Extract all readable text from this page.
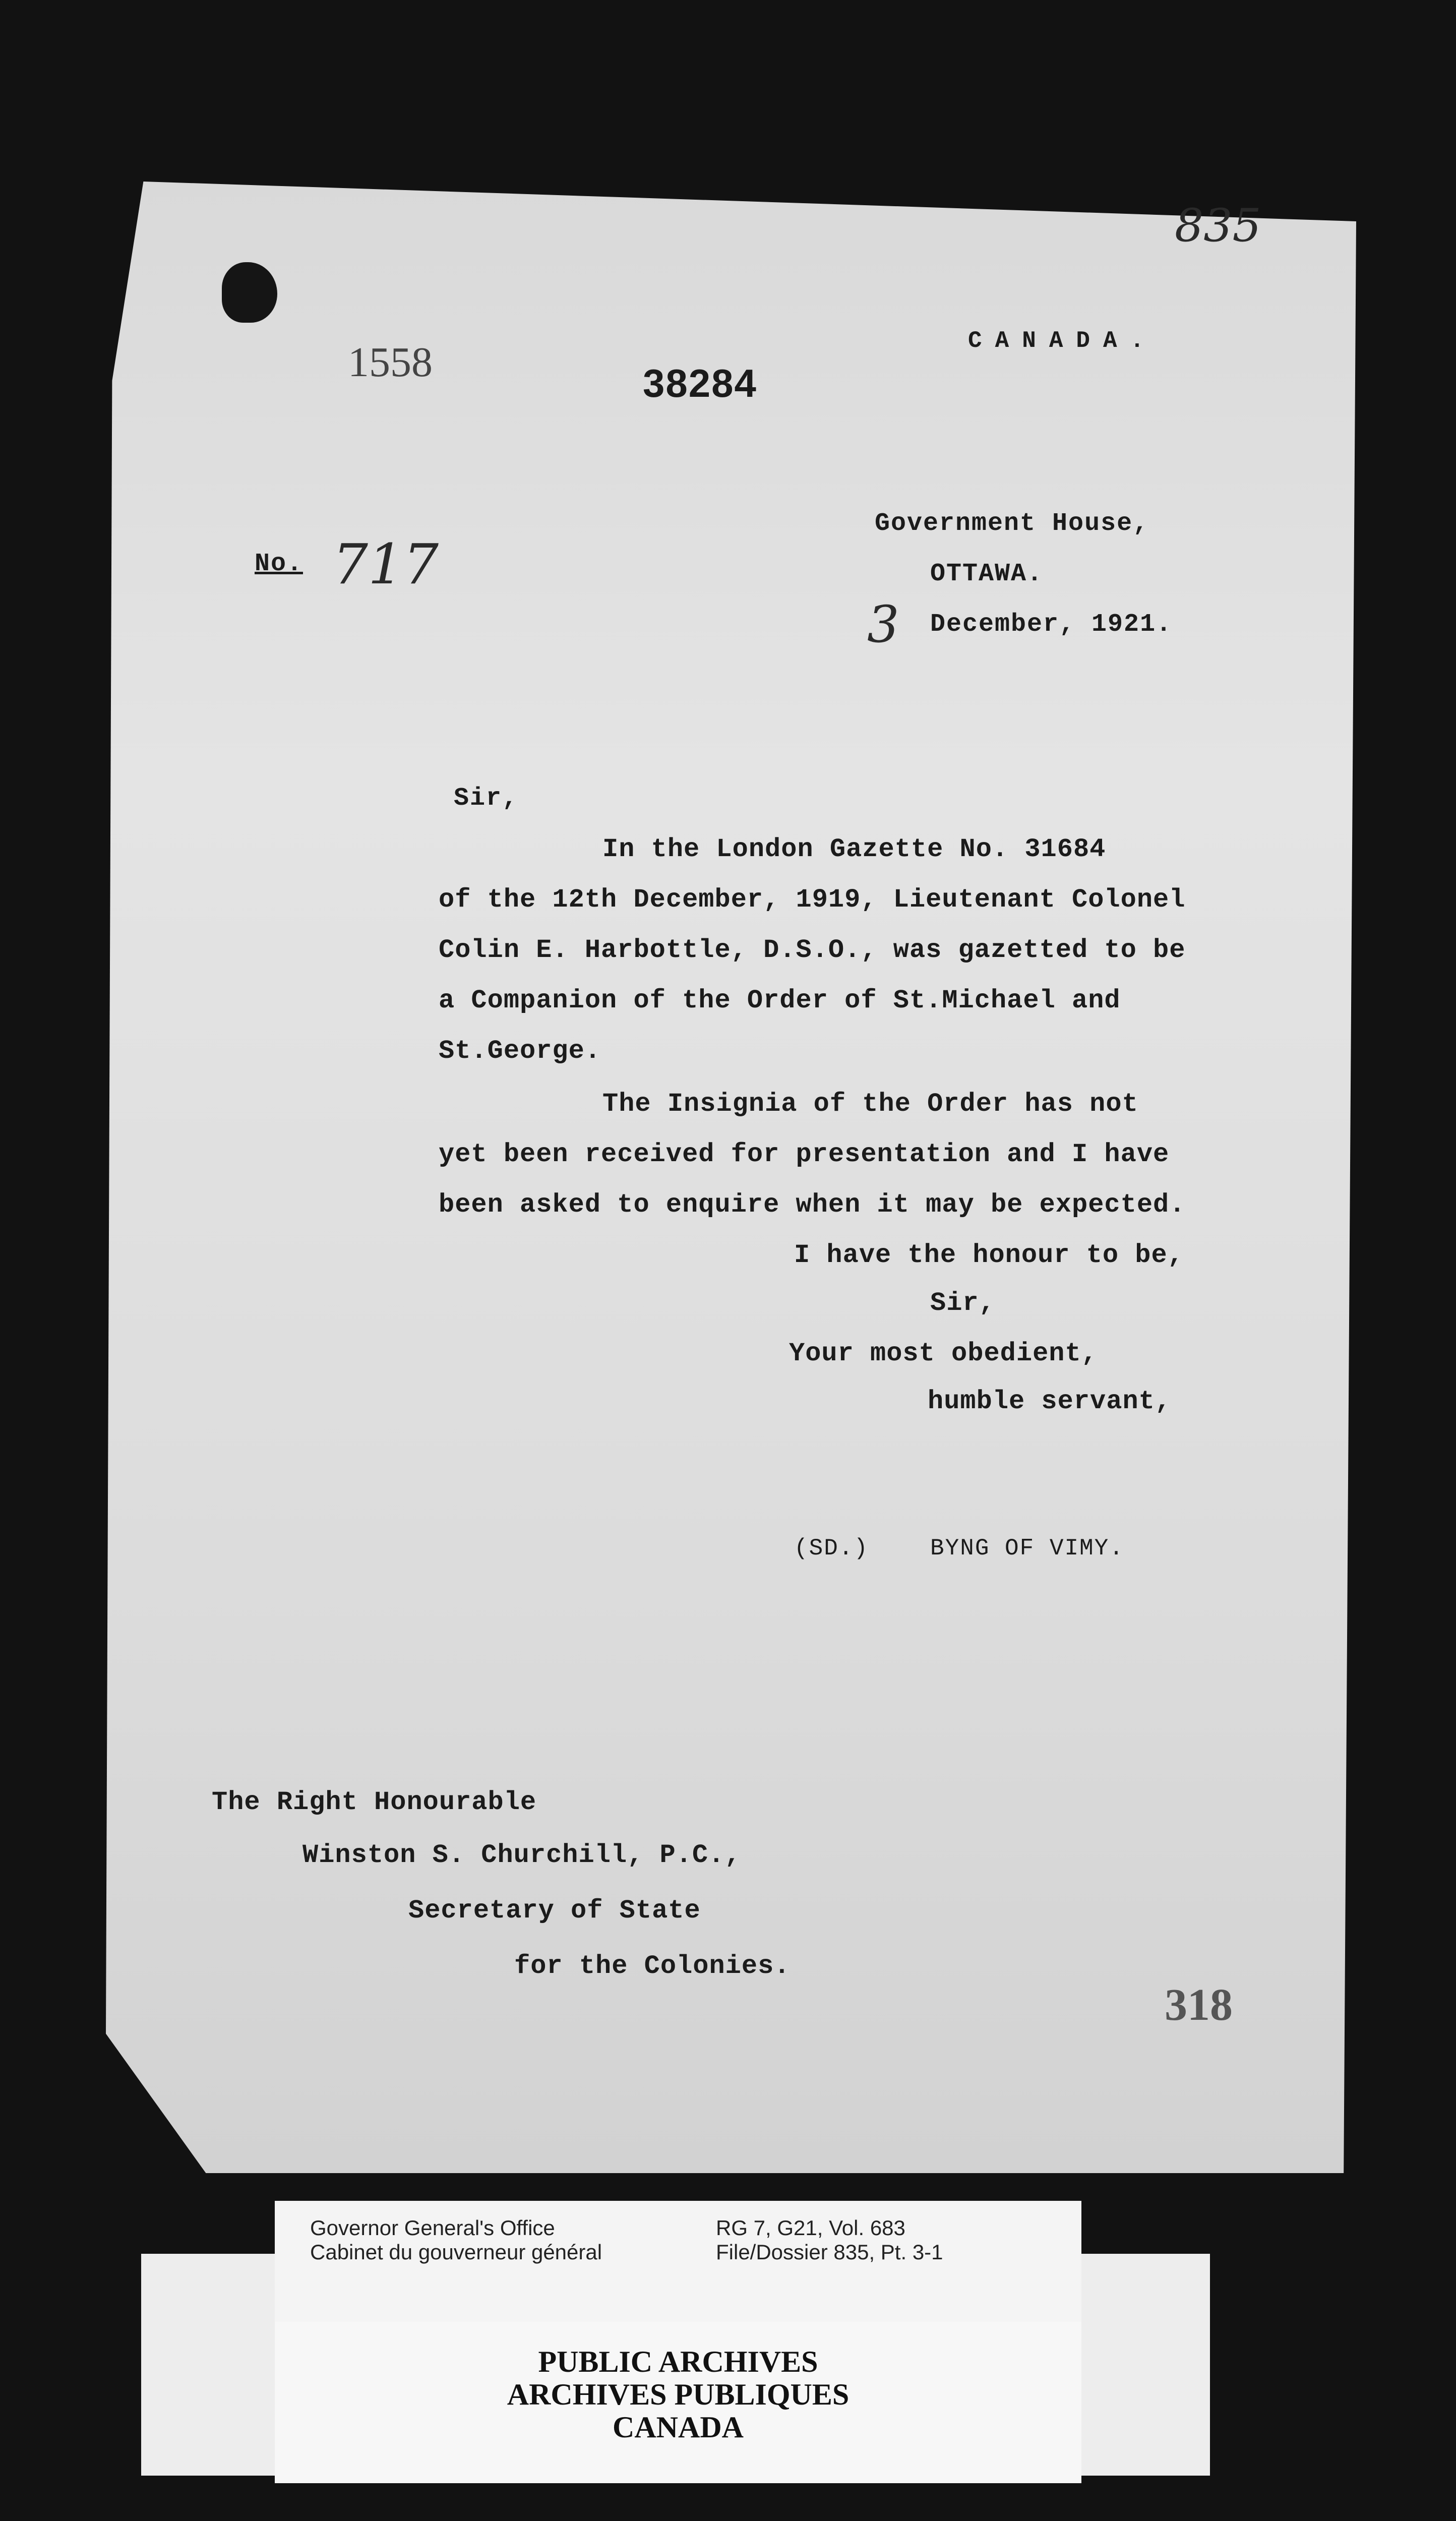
835
1558	38284
CANADA.
No. 717
Government House,
OTTAWA.
3 December, 1921.
Sir,
In the London Gazette No. 31684
of the 12th December, 1919, Lieutenant Colonel
Colin E. Harbottle, D.S.O., was gazetted to be
a Companion of the Order of St.Michael and
St.George.
The Insignia of the Order has not
yet been received for presentation and I have
been asked to enquire when it may be expected.
I have the honour to be,
Sir,
Your most obedient,
humble servant,
(SD.)	BYNG OF VIMY.
The Right Honourable
Winston S. Churchill, P.C.,
Secretary of State
for the Colonies.
318
Governor General's Office
Cabinet du gouverneur général
RG 7, G21, Vol. 683
File/Dossier 835, Pt. 3-1
PUBLIC ARCHIVES
ARCHIVES PUBLIQUES
CANADA
